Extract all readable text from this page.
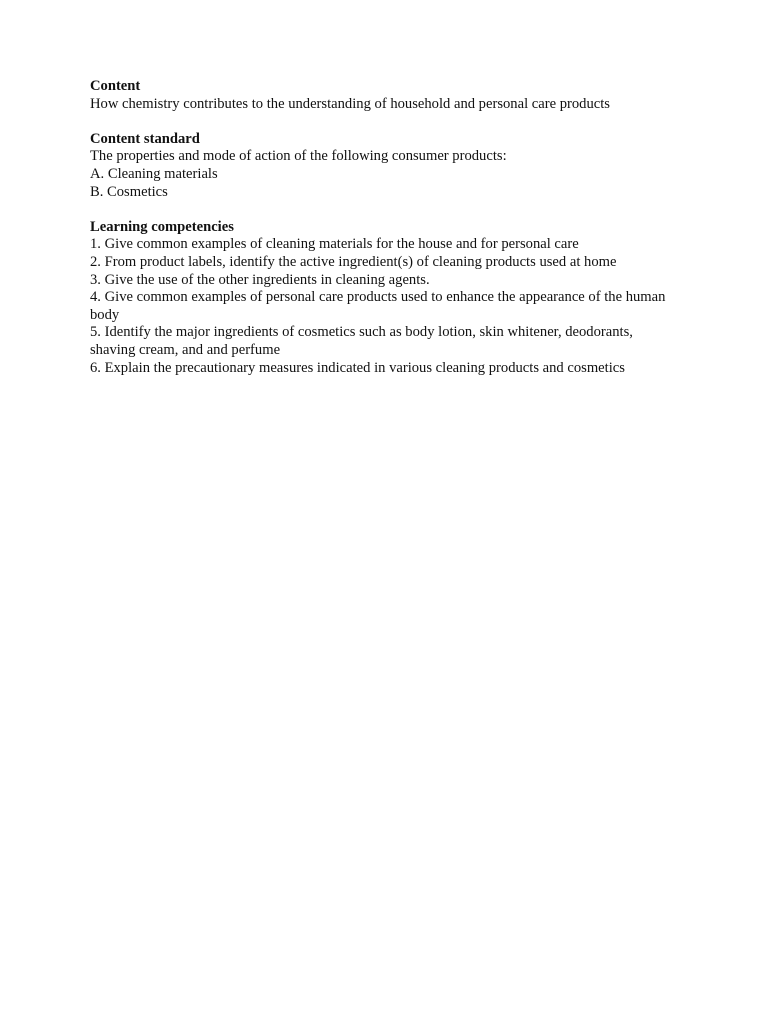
Content

How chemistry contributes to the understanding of household and personal care products

Content standard

The properties and mode of action of the following consumer products:

A. Cleaning materials
B. Cosmetics

Learning competencies

1. Give common examples of cleaning materials for the house and for personal care
2. From product labels, identify the active ingredient(s) of cleaning products used at home
3. Give the use of the other ingredients in cleaning agents.
4. Give common examples of personal care products used to enhance the appearance of the human body
5. Identify the major ingredients of cosmetics such as body lotion, skin whitener, deodorants, shaving cream, and and perfume
6. Explain the precautionary measures indicated in various cleaning products and cosmetics
